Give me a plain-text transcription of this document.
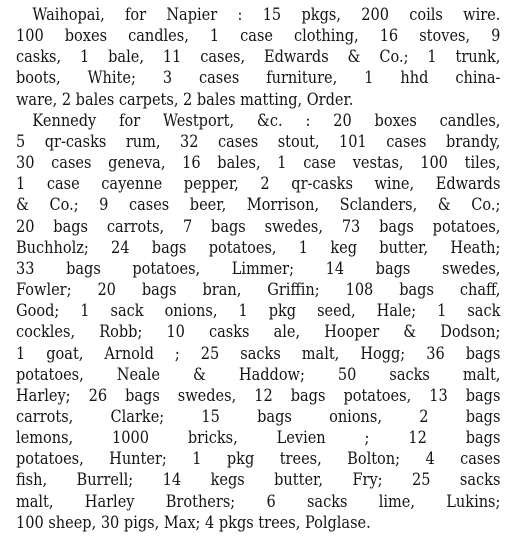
Waihopai, for Napier : 15 pkgs, 200 coils wire.
100 boxes candles, 1 case clothing, 16 stoves, 9
casks, 1 bale, 11 cases, Edwards & Co.; 1 trunk,
boots, White; 3 cases furniture, 1 hhd china-
ware, 2 bales carpets, 2 bales matting, Order.
Kennedy for Westport, &c. : 20 boxes candles,
5 qr-casks rum, 32 cases stout, 101 cases brandy,
30 cases geneva, 16 bales, 1 case vestas, 100 tiles,
1 case cayenne pepper, 2 qr-casks wine, Edwards
& Co.; 9 cases beer, Morrison, Sclanders, & Co.;
20 bags carrots, 7 bags swedes, 73 bags potatoes,
Buchholz; 24 bags potatoes, 1 keg butter, Heath;
33 bags potatoes, Limmer; 14 bags swedes,
Fowler; 20 bags bran, Griffin; 108 bags chaff,
Good; 1 sack onions, 1 pkg seed, Hale; 1 sack
cockles, Robb; 10 casks ale, Hooper & Dodson;
1 goat, Arnold ; 25 sacks malt, Hogg; 36 bags
potatoes, Neale & Haddow; 50 sacks malt,
Harley; 26 bags swedes, 12 bags potatoes, 13 bags
carrots, Clarke; 15 bags onions, 2 bags
lemons, 1000 bricks, Levien ; 12 bags
potatoes, Hunter; 1 pkg trees, Bolton; 4 cases
fish, Burrell; 14 kegs butter, Fry; 25 sacks
malt, Harley Brothers; 6 sacks lime, Lukins;
100 sheep, 30 pigs, Max; 4 pkgs trees, Polglase.
